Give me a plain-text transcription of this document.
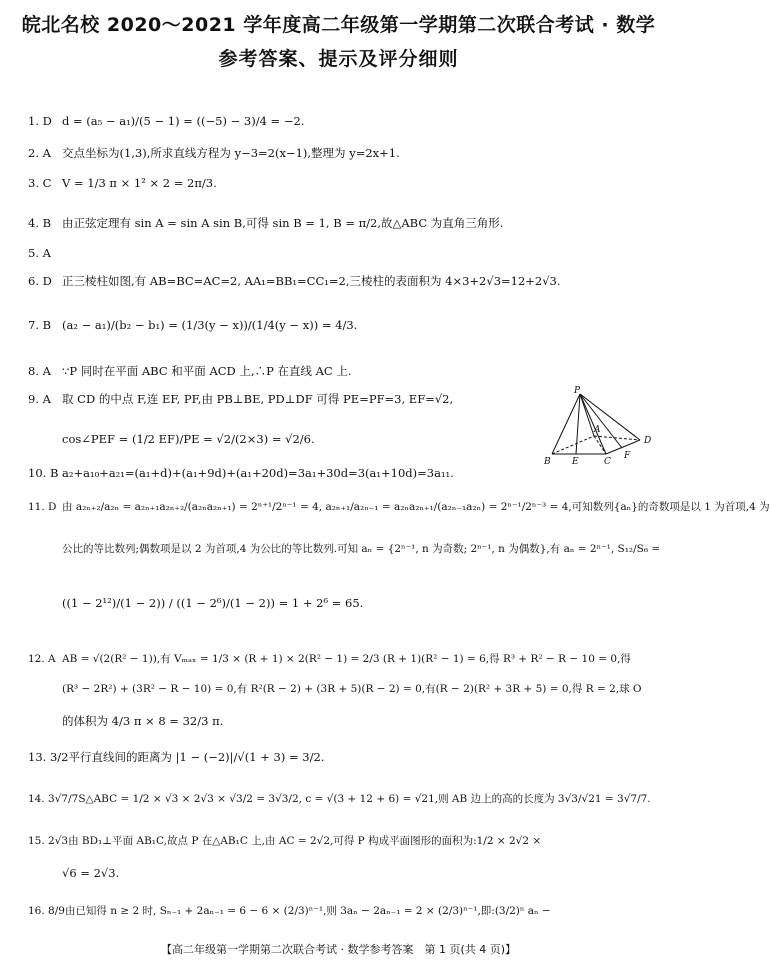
皖北名校 2020～2021 学年度高二年级第一学期第二次联合考试 · 数学
参考答案、提示及评分细则
1. D d = (a₅ − a₁)/(5 − 1) = ((−5) − 3)/4 = −2.
2. A 交点坐标为(1,3),所求直线方程为 y−3=2(x−1),整理为 y=2x+1.
3. C V = 1/3 π × 1² × 2 = 2π/3.
4. B 由正弦定理有 sin A = sin A sin B,可得 sin B = 1, B = π/2,故△ABC 为直角三角形.
5. A
6. D 正三棱柱如图,有 AB=BC=AC=2, AA₁=BB₁=CC₁=2,三棱柱的表面积为 4×3+2√3=12+2√3.
7. B (a₂ − a₁)/(b₂ − b₁) = (1/3(y − x))/(1/4(y − x)) = 4/3.
8. A ∵P 同时在平面 ABC 和平面 ACD 上,∴P 在直线 AC 上.
9. A 取 CD 的中点 F,连 EF, PF,由 PB⊥BE, PD⊥DF 可得 PE=PF=3, EF=√2,
cos∠PEF = (1/2 EF)/PE = √2/(2×3) = √2/6.
10. B a₂+a₁₀+a₂₁=(a₁+d)+(a₁+9d)+(a₁+20d)=3a₁+30d=3(a₁+10d)=3a₁₁.
11. D 由 a₂ₙ₊₂/a₂ₙ = a₂ₙ₊₁a₂ₙ₊₂/(a₂ₙa₂ₙ₊₁) = 2ⁿ⁺¹/2ⁿ⁻¹ = 4, a₂ₙ₊₁/a₂ₙ₋₁ = a₂ₙa₂ₙ₊₁/(a₂ₙ₋₁a₂ₙ) = 2ⁿ⁻¹/2ⁿ⁻³ = 4,可知数列{aₙ}的奇数项是以 1 为首项,4 为
公比的等比数列;偶数项是以 2 为首项,4 为公比的等比数列.可知 aₙ = {2ⁿ⁻¹, n 为奇数; 2ⁿ⁻¹, n 为偶数},有 aₙ = 2ⁿ⁻¹, S₁₂/S₆ =
((1 − 2¹²)/(1 − 2)) / ((1 − 2⁶)/(1 − 2)) = 1 + 2⁶ = 65.
12. A AB = √(2(R² − 1)),有 Vₘₐₓ = 1/3 × (R + 1) × 2(R² − 1) = 2/3 (R + 1)(R² − 1) = 6,得 R³ + R² − R − 10 = 0,得
(R³ − 2R²) + (3R² − R − 10) = 0,有 R²(R − 2) + (3R + 5)(R − 2) = 0,有(R − 2)(R² + 3R + 5) = 0,得 R = 2,球 O
的体积为 4/3 π × 8 = 32/3 π.
13. 3/2平行直线间的距离为 |1 − (−2)|/√(1 + 3) = 3/2.
14. 3√7/7S△ABC = 1/2 × √3 × 2√3 × √3/2 = 3√3/2, c = √(3 + 12 + 6) = √21,则 AB 边上的高的长度为 3√3/√21 = 3√7/7.
15. 2√3由 BD₁⊥平面 AB₁C,故点 P 在△AB₁C 上,由 AC = 2√2,可得 P 构成平面图形的面积为:1/2 × 2√2 ×
√6 = 2√3.
16. 8/9由已知得 n ≥ 2 时, Sₙ₋₁ + 2aₙ₋₁ = 6 − 6 × (2/3)ⁿ⁻¹,则 3aₙ − 2aₙ₋₁ = 2 × (2/3)ⁿ⁻¹,即:(3/2)ⁿ aₙ −
P
D
A
B E	C
F
【高二年级第一学期第二次联合考试 · 数学参考答案　第 1 页(共 4 页)】
